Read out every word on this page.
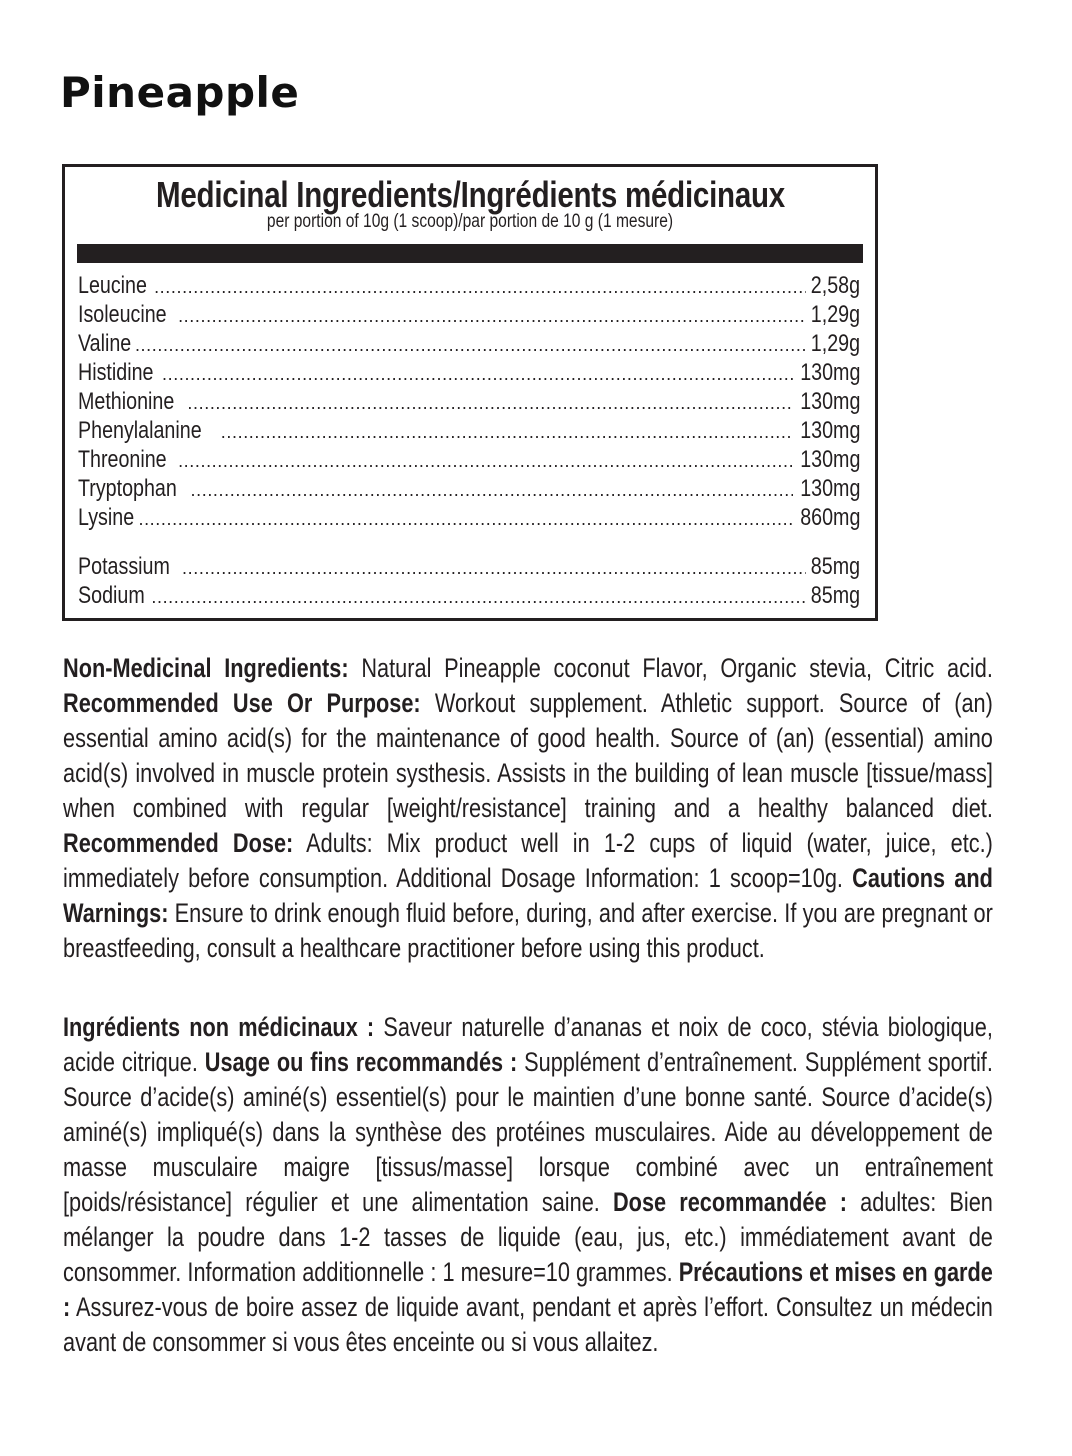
Pineapple
Medicinal Ingredients/Ingrédients médicinaux
per portion of 10g (1 scoop)/par portion de 10 g (1 mesure)
Leucine .....	2,58g
Isoleucine .....	1,29g
Valine .....	1,29g
Histidine .....	130mg
Methionine .....	130mg
Phenylalanine .....	130mg
Threonine .....	130mg
Tryptophan .....	130mg
Lysine .....	860mg
Potassium .....	85mg
Sodium .....	85mg
Non-Medicinal Ingredients: Natural Pineapple coconut Flavor, Organic stevia, Citric acid. Recommended Use Or Purpose: Workout supplement. Athletic support. Source of (an) essential amino acid(s) for the maintenance of good health. Source of (an) (essential) amino acid(s) involved in muscle protein systhesis. Assists in the building of lean muscle [tissue/mass] when combined with regular [weight/resistance] training and a healthy balanced diet. Recommended Dose: Adults: Mix product well in 1-2 cups of liquid (water, juice, etc.) immediately before consumption. Additional Dosage Information: 1 scoop=10g. Cautions and Warnings: Ensure to drink enough fluid before, during, and after exercise. If you are pregnant or breastfeeding, consult a healthcare practitioner before using this product.
Ingrédients non médicinaux : Saveur naturelle d’ananas et noix de coco, stévia biologique, acide citrique. Usage ou fins recommandés : Supplément d’entraînement. Supplément sportif. Source d’acide(s) aminé(s) essentiel(s) pour le maintien d’une bonne santé. Source d’acide(s) aminé(s) impliqué(s) dans la synthèse des protéines musculaires. Aide au développement de masse musculaire maigre [tissus/masse] lorsque combiné avec un entraînement [poids/résistance] régulier et une alimentation saine. Dose recommandée : adultes: Bien mélanger la poudre dans 1-2 tasses de liquide (eau, jus, etc.) immédiatement avant de consommer. Information additionnelle : 1 mesure=10 grammes. Précautions et mises en garde : Assurez-vous de boire assez de liquide avant, pendant et après l’effort. Consultez un médecin avant de consommer si vous êtes enceinte ou si vous allaitez.
